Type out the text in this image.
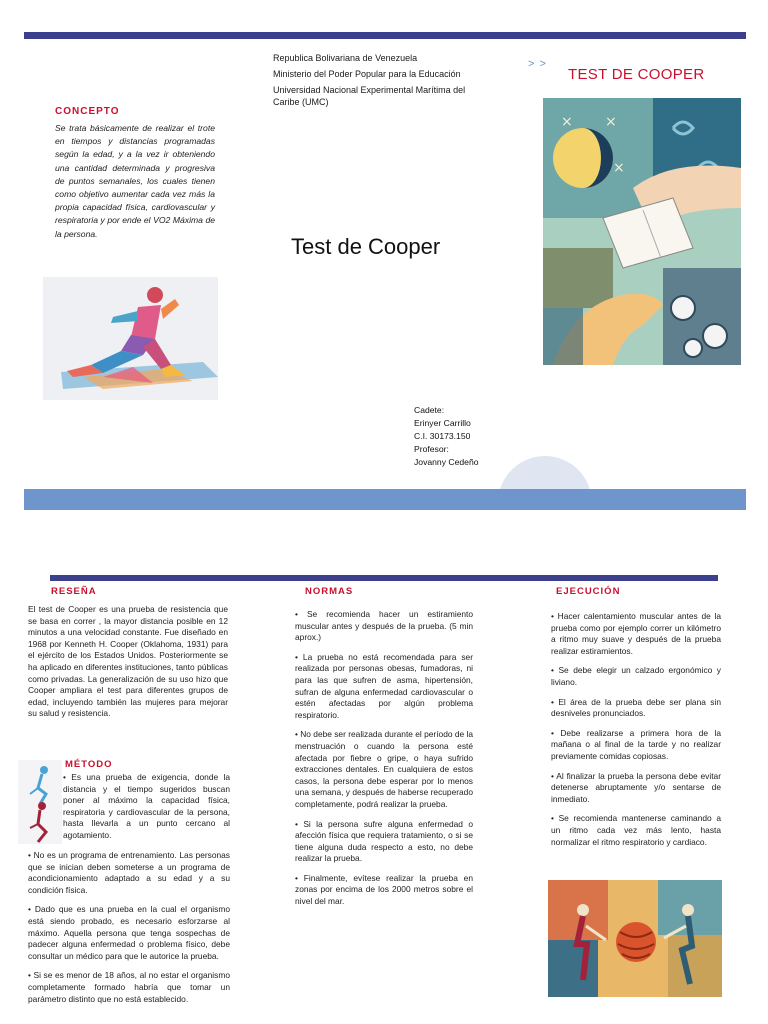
Republica Bolivariana de Venezuela
Ministerio del Poder Popular para la Educación
Universidad Nacional Experimental Marítima del Caribe (UMC)
> >
TEST DE COOPER
CONCEPTO
Se trata básicamente de realizar el trote en tiempos y distancias programadas según la edad, y a la vez ir obteniendo una cantidad determinada y progresiva de puntos semanales, los cuales tienen como objetivo aumentar cada vez más la propia capacidad física, cardiovascular y respiratoria y por ende el VO2 Máxima de la persona.
Test de Cooper
× ×
×
Cadete:
Erinyer Carrillo
C.I. 30173.150
Profesor:
Jovanny Cedeño
RESEÑA
El test de Cooper es una prueba de resistencia que se basa en correr , la mayor distancia posible en 12 minutos a una velocidad constante. Fue diseñado en 1968 por Kenneth H. Cooper (Oklahoma, 1931) para el ejército de los Estados Unidos. Posteriormente se ha aplicado en diferentes instituciones, tanto públicas como privadas. La generalización de su uso hizo que Cooper ampliara el test para diferentes grupos de edad, incluyendo también las mujeres para mejorar su salud y resistencia.
MÉTODO

• Es una prueba de exigencia, donde la distancia y el tiempo sugeridos buscan poner al máximo la capacidad física, respiratoria y cardiovascular de la persona, hasta llevarla a un punto cercano al agotamiento.

• No es un programa de entrenamiento. Las personas que se inician deben someterse a un programa de acondicionamiento adaptado a su edad y a su condición física.

• Dado que es una prueba en la cual el organismo está siendo probado, es necesario esforzarse al máximo. Aquella persona que tenga sospechas de padecer alguna enfermedad o problema físico, debe consultar un médico para que le autorice la prueba.

• Si se es menor de 18 años, al no estar el organismo completamente formado habría que tomar un parámetro distinto que no está establecido.

NORMAS

• Se recomienda hacer un estiramiento muscular antes y después de la prueba. (5 min aprox.)

• La prueba no está recomendada para ser realizada por personas obesas, fumadoras, ni para las que sufren de asma, hipertensión, sufran de alguna enfermedad cardiovascular o estén afectadas por algún problema respiratorio.

• No debe ser realizada durante el período de la menstruación o cuando la persona esté afectada por fiebre o gripe, o haya sufrido extracciones dentales. En cualquiera de estos casos, la persona debe esperar por lo menos una semana, y después de haberse recuperado completamente, podrá realizar la prueba.

• Si la persona sufre alguna enfermedad o afección física que requiera tratamiento, o si se tiene alguna duda respecto a esto, no debe realizar la prueba.

• Finalmente, evítese realizar la prueba en zonas por encima de los 2000 metros sobre el nivel del mar.

EJECUCIÓN

• Hacer calentamiento muscular antes de la prueba como por ejemplo correr un kilómetro a ritmo muy suave y después de la prueba realizar estiramientos.

• Se debe elegir un calzado ergonómico y liviano.

• El área de la prueba debe ser plana sin desniveles pronunciados.

• Debe realizarse a primera hora de la mañana o al final de la tarde y no realizar previamente comidas copiosas.

• Al finalizar la prueba la persona debe evitar detenerse abruptamente y/o sentarse de inmediato.

• Se recomienda mantenerse caminando a un ritmo cada vez más lento, hasta normalizar el ritmo respiratorio y cardiaco.
